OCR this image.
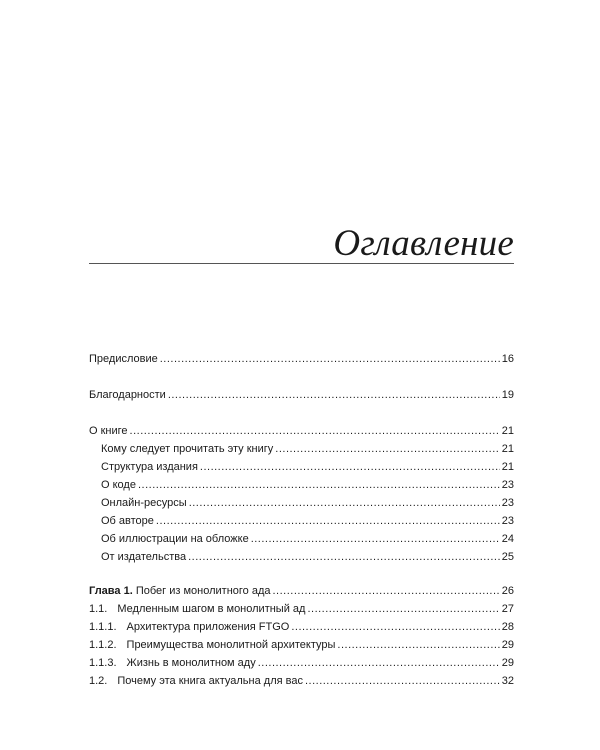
Оглавление
Предисловие .....	16
Благодарности .....	19
О книге .....	21
Кому следует прочитать эту книгу .....	21
Структура издания .....	21
О коде .....	23
Онлайн-ресурсы .....	23
Об авторе .....	23
Об иллюстрации на обложке .....	24
От издательства .....	25
Глава 1. Побег из монолитного ада .....	26
1.1. Медленным шагом в монолитный ад .....	27
1.1.1. Архитектура приложения FTGO .....	28
1.1.2. Преимущества монолитной архитектуры .....	29
1.1.3. Жизнь в монолитном аду .....	29
1.2. Почему эта книга актуальна для вас .....	32
